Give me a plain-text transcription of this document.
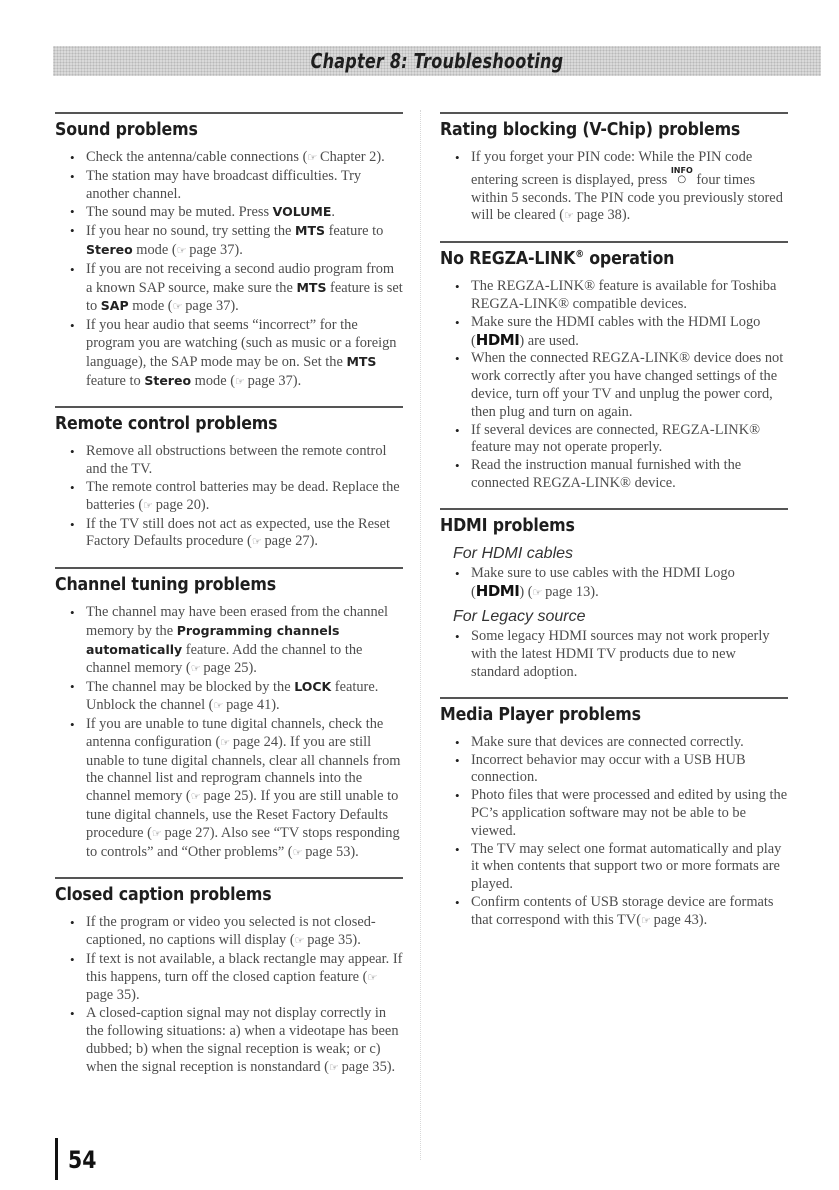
Chapter 8: Troubleshooting
Sound problems
• Check the antenna/cable connections (☞ Chapter 2).
• The station may have broadcast difficulties. Try another channel.
• The sound may be muted. Press VOLUME.
• If you hear no sound, try setting the MTS feature to Stereo mode (☞ page 37).
• If you are not receiving a second audio program from a known SAP source, make sure the MTS feature is set to SAP mode (☞ page 37).
• If you hear audio that seems “incorrect” for the program you are watching (such as music or a foreign language), the SAP mode may be on. Set the MTS feature to Stereo mode (☞ page 37).
Remote control problems
• Remove all obstructions between the remote control and the TV.
• The remote control batteries may be dead. Replace the batteries (☞ page 20).
• If the TV still does not act as expected, use the Reset Factory Defaults procedure (☞ page 27).
Channel tuning problems
• The channel may have been erased from the channel memory by the Programming channels automatically feature. Add the channel to the channel memory (☞ page 25).
• The channel may be blocked by the LOCK feature. Unblock the channel (☞ page 41).
• If you are unable to tune digital channels, check the antenna configuration (☞ page 24). If you are still unable to tune digital channels, clear all channels from the channel list and reprogram channels into the channel memory (☞ page 25). If you are still unable to tune digital channels, use the Reset Factory Defaults procedure (☞ page 27). Also see “TV stops responding to controls” and “Other problems” (☞ page 53).
Closed caption problems
• If the program or video you selected is not closed-captioned, no captions will display (☞ page 35).
• If text is not available, a black rectangle may appear. If this happens, turn off the closed caption feature (☞ page 35).
• A closed-caption signal may not display correctly in the following situations: a) when a videotape has been dubbed; b) when the signal reception is weak; or c) when the signal reception is nonstandard (☞ page 35).
Rating blocking (V-Chip) problems
• If you forget your PIN code: While the PIN code entering screen is displayed, press INFO
○ four times within 5 seconds. The PIN code you previously stored will be cleared (☞ page 38).
No REGZA-LINK® operation
• The REGZA-LINK® feature is available for Toshiba REGZA-LINK® compatible devices.
• Make sure the HDMI cables with the HDMI Logo (HDMI) are used.
• When the connected REGZA-LINK® device does not work correctly after you have changed settings of the device, turn off your TV and unplug the power cord, then plug and turn on again.
• If several devices are connected, REGZA-LINK® feature may not operate properly.
• Read the instruction manual furnished with the connected REGZA-LINK® device.
HDMI problems
For HDMI cables
• Make sure to use cables with the HDMI Logo (HDMI) (☞ page 13).
For Legacy source
• Some legacy HDMI sources may not work properly with the latest HDMI TV products due to new standard adoption.
Media Player problems
• Make sure that devices are connected correctly.
• Incorrect behavior may occur with a USB HUB connection.
• Photo files that were processed and edited by using the PC’s application software may not be able to be viewed.
• The TV may select one format automatically and play it when contents that support two or more formats are played.
• Confirm contents of USB storage device are formats that correspond with this TV(☞ page 43).
54
